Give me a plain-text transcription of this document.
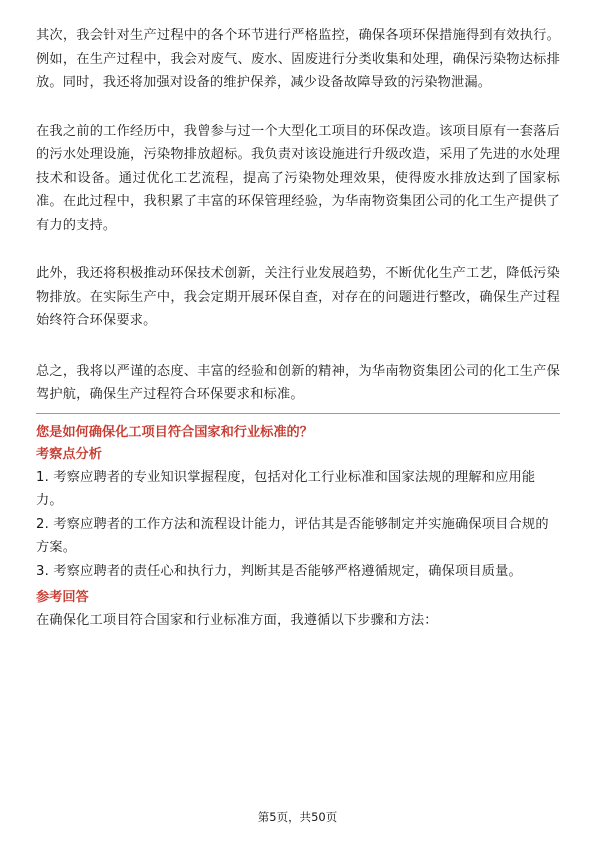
其次，我会针对生产过程中的各个环节进行严格监控，确保各项环保措施得到有效执行。例如，在生产过程中，我会对废气、废水、固废进行分类收集和处理，确保污染物达标排放。同时，我还将加强对设备的维护保养，减少设备故障导致的污染物泄漏。

在我之前的工作经历中，我曾参与过一个大型化工项目的环保改造。该项目原有一套落后的污水处理设施，污染物排放超标。我负责对该设施进行升级改造，采用了先进的水处理技术和设备。通过优化工艺流程，提高了污染物处理效果，使得废水排放达到了国家标准。在此过程中，我积累了丰富的环保管理经验，为华南物资集团公司的化工生产提供了有力的支持。

此外，我还将积极推动环保技术创新，关注行业发展趋势，不断优化生产工艺，降低污染物排放。在实际生产中，我会定期开展环保自查，对存在的问题进行整改，确保生产过程始终符合环保要求。

总之，我将以严谨的态度、丰富的经验和创新的精神，为华南物资集团公司的化工生产保驾护航，确保生产过程符合环保要求和标准。

您是如何确保化工项目符合国家和行业标准的？

考察点分析

1. 考察应聘者的专业知识掌握程度，包括对化工行业标准和国家法规的理解和应用能力。

2. 考察应聘者的工作方法和流程设计能力，评估其是否能够制定并实施确保项目合规的方案。

3. 考察应聘者的责任心和执行力，判断其是否能够严格遵循规定，确保项目质量。

参考回答

在确保化工项目符合国家和行业标准方面，我遵循以下步骤和方法：

第5页，共50页
